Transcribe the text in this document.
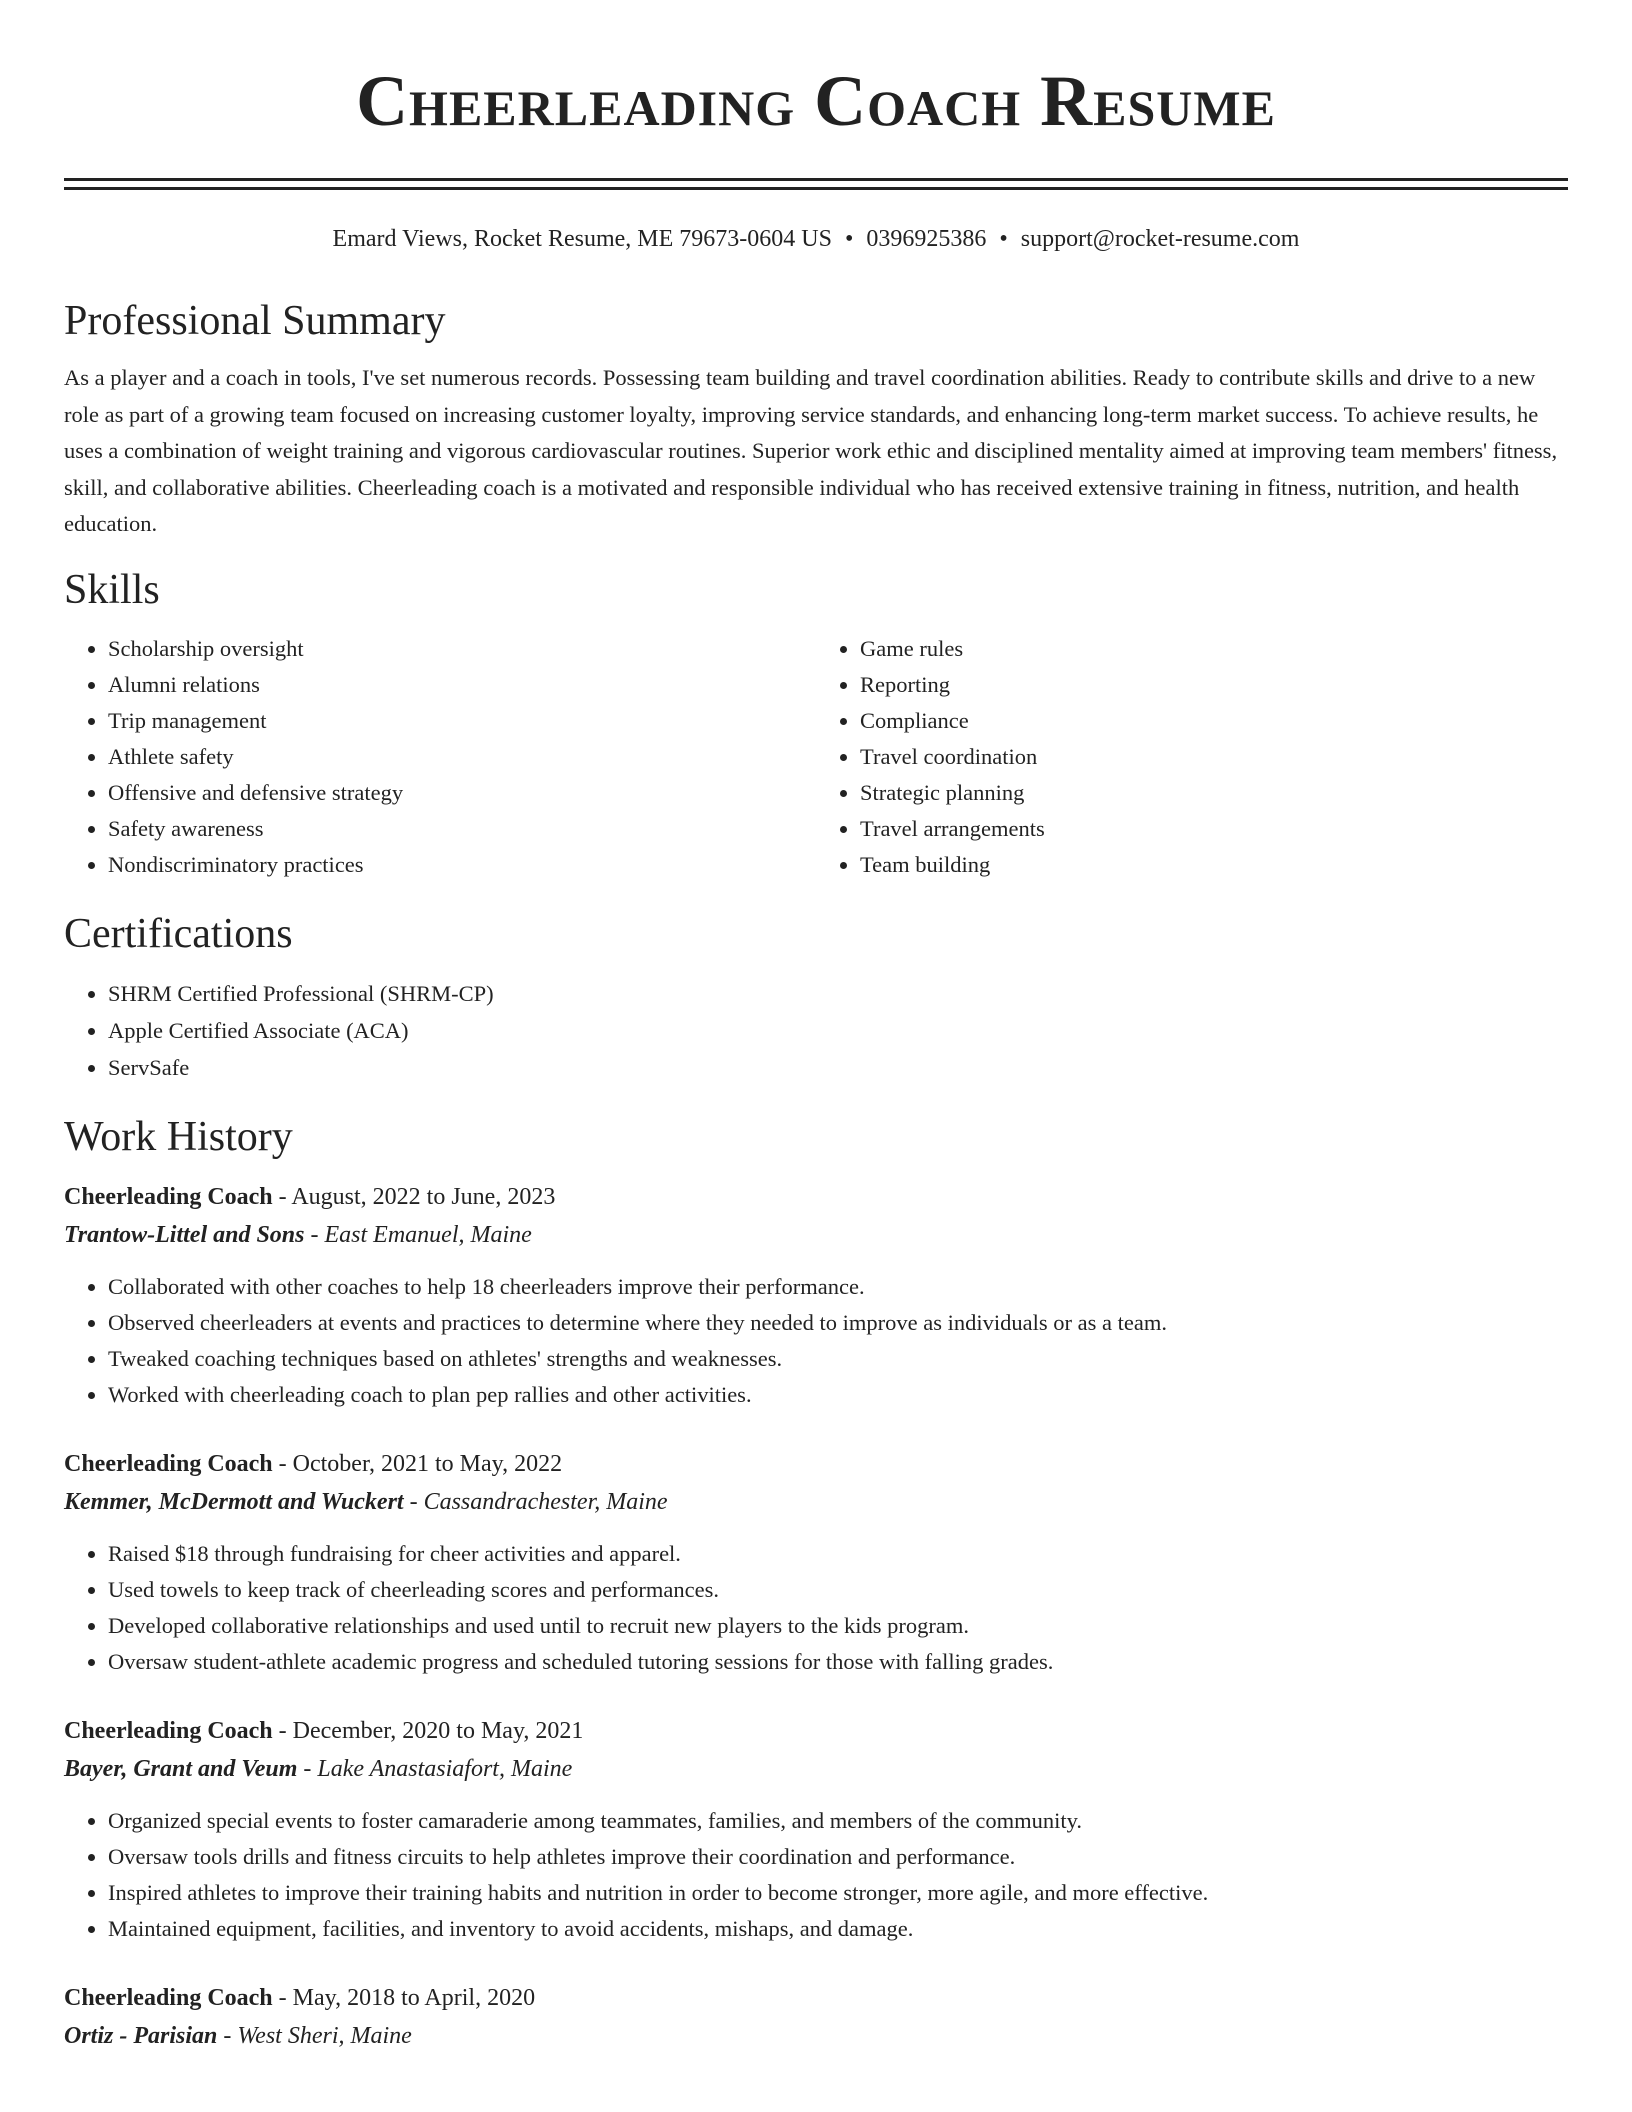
Cheerleading Coach Resume
Emard Views, Rocket Resume, ME 79673-0604 US • 0396925386 • support@rocket-resume.com
Professional Summary
As a player and a coach in tools, I've set numerous records. Possessing team building and travel coordination abilities. Ready to contribute skills and drive to a new role as part of a growing team focused on increasing customer loyalty, improving service standards, and enhancing long-term market success. To achieve results, he uses a combination of weight training and vigorous cardiovascular routines. Superior work ethic and disciplined mentality aimed at improving team members' fitness, skill, and collaborative abilities. Cheerleading coach is a motivated and responsible individual who has received extensive training in fitness, nutrition, and health education.
Skills
• Scholarship oversight
• Alumni relations
• Trip management
• Athlete safety
• Offensive and defensive strategy
• Safety awareness
• Nondiscriminatory practices
• Game rules
• Reporting
• Compliance
• Travel coordination
• Strategic planning
• Travel arrangements
• Team building
Certifications
• SHRM Certified Professional (SHRM-CP)
• Apple Certified Associate (ACA)
• ServSafe
Work History
Cheerleading Coach - August, 2022 to June, 2023
Trantow-Littel and Sons - East Emanuel, Maine
• Collaborated with other coaches to help 18 cheerleaders improve their performance.
• Observed cheerleaders at events and practices to determine where they needed to improve as individuals or as a team.
• Tweaked coaching techniques based on athletes' strengths and weaknesses.
• Worked with cheerleading coach to plan pep rallies and other activities.
Cheerleading Coach - October, 2021 to May, 2022
Kemmer, McDermott and Wuckert - Cassandrachester, Maine
• Raised $18 through fundraising for cheer activities and apparel.
• Used towels to keep track of cheerleading scores and performances.
• Developed collaborative relationships and used until to recruit new players to the kids program.
• Oversaw student-athlete academic progress and scheduled tutoring sessions for those with falling grades.
Cheerleading Coach - December, 2020 to May, 2021
Bayer, Grant and Veum - Lake Anastasiafort, Maine
• Organized special events to foster camaraderie among teammates, families, and members of the community.
• Oversaw tools drills and fitness circuits to help athletes improve their coordination and performance.
• Inspired athletes to improve their training habits and nutrition in order to become stronger, more agile, and more effective.
• Maintained equipment, facilities, and inventory to avoid accidents, mishaps, and damage.
Cheerleading Coach - May, 2018 to April, 2020
Ortiz - Parisian - West Sheri, Maine
